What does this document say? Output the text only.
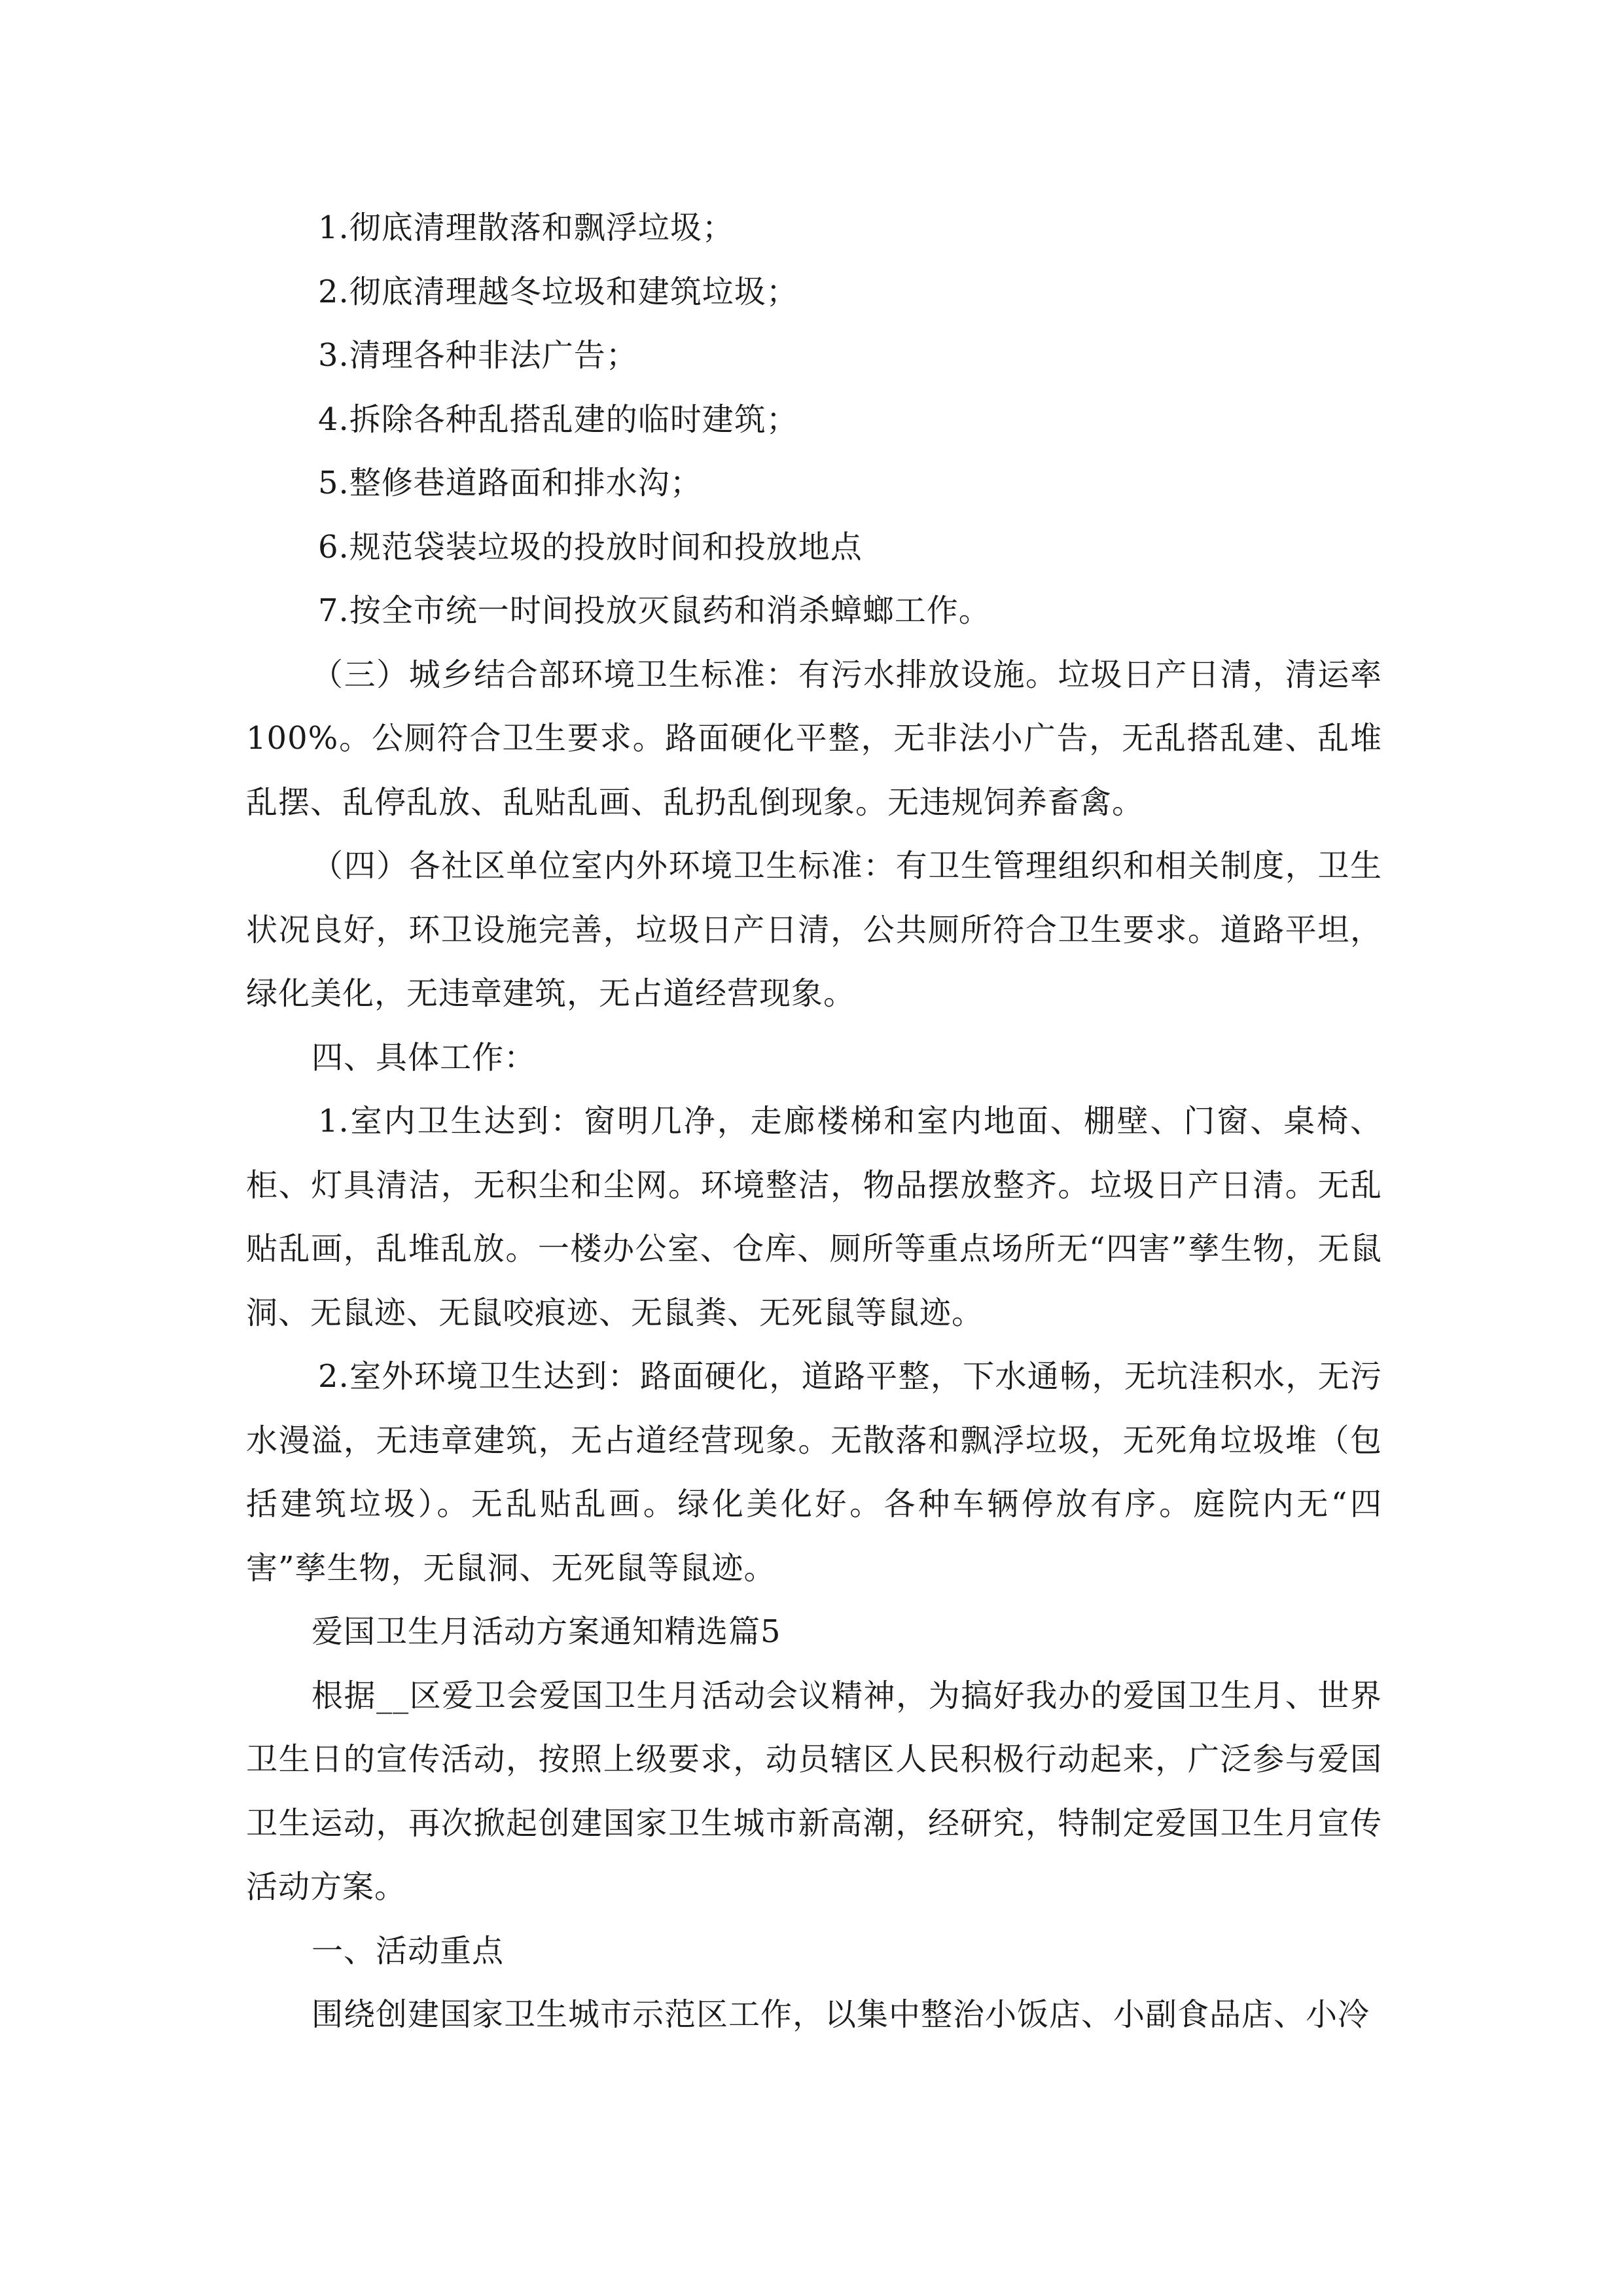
1.彻底清理散落和飘浮垃圾；

2.彻底清理越冬垃圾和建筑垃圾；

3.清理各种非法广告；

4.拆除各种乱搭乱建的临时建筑；

5.整修巷道路面和排水沟；

6.规范袋装垃圾的投放时间和投放地点

7.按全市统一时间投放灭鼠药和消杀蟑螂工作。

（三）城乡结合部环境卫生标准：有污水排放设施。垃圾日产日清，清运率100%。公厕符合卫生要求。路面硬化平整，无非法小广告，无乱搭乱建、乱堆乱摆、乱停乱放、乱贴乱画、乱扔乱倒现象。无违规饲养畜禽。

（四）各社区单位室内外环境卫生标准：有卫生管理组织和相关制度，卫生状况良好，环卫设施完善，垃圾日产日清，公共厕所符合卫生要求。道路平坦，绿化美化，无违章建筑，无占道经营现象。

四、具体工作：

1.室内卫生达到：窗明几净，走廊楼梯和室内地面、棚壁、门窗、桌椅、柜、灯具清洁，无积尘和尘网。环境整洁，物品摆放整齐。垃圾日产日清。无乱贴乱画，乱堆乱放。一楼办公室、仓库、厕所等重点场所无“四害”孳生物，无鼠洞、无鼠迹、无鼠咬痕迹、无鼠粪、无死鼠等鼠迹。

2.室外环境卫生达到：路面硬化，道路平整，下水通畅，无坑洼积水，无污水漫溢，无违章建筑，无占道经营现象。无散落和飘浮垃圾，无死角垃圾堆（包括建筑垃圾）。无乱贴乱画。绿化美化好。各种车辆停放有序。庭院内无“四害”孳生物，无鼠洞、无死鼠等鼠迹。

爱国卫生月活动方案通知精选篇5

根据__区爱卫会爱国卫生月活动会议精神，为搞好我办的爱国卫生月、世界卫生日的宣传活动，按照上级要求，动员辖区人民积极行动起来，广泛参与爱国卫生运动，再次掀起创建国家卫生城市新高潮，经研究，特制定爱国卫生月宣传活动方案。

一、活动重点

围绕创建国家卫生城市示范区工作，以集中整治小饭店、小副食品店、小冷
